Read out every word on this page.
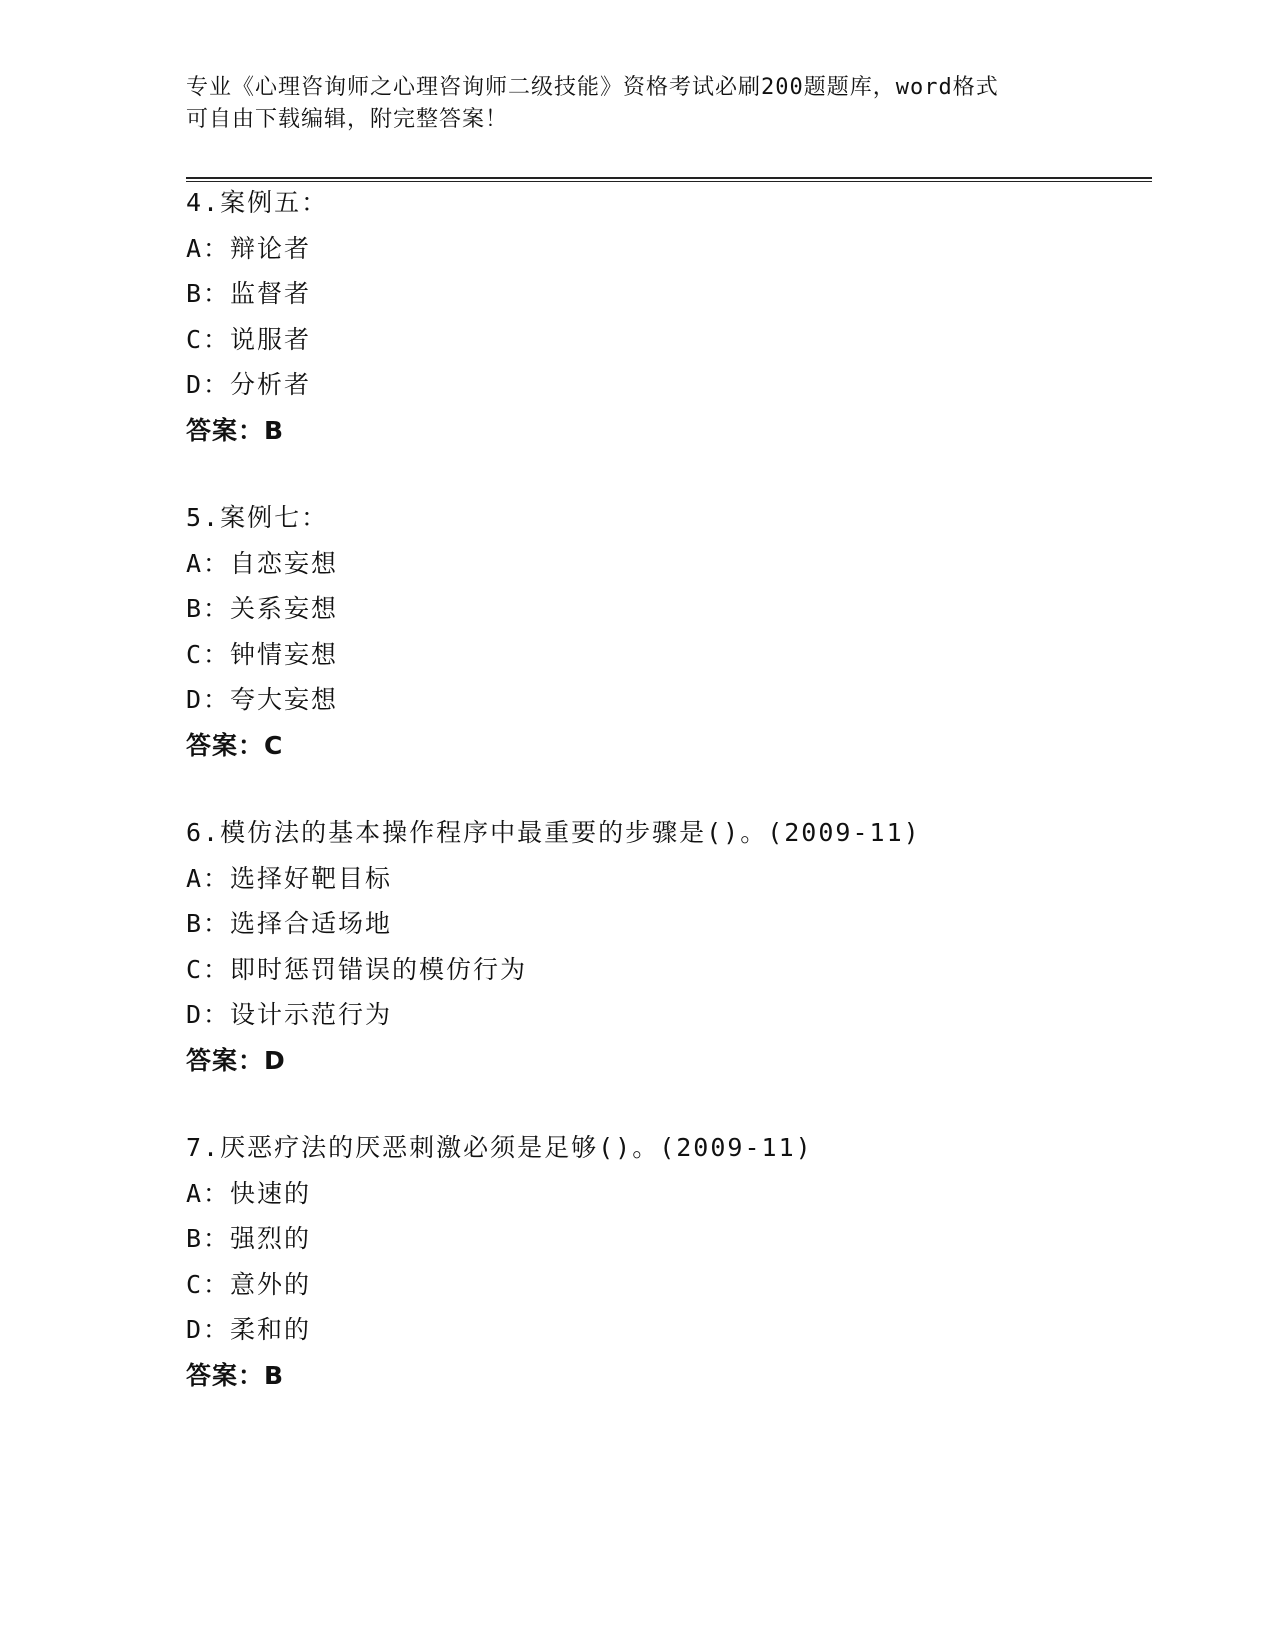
专业《心理咨询师之心理咨询师二级技能》资格考试必刷200题题库，word格式
可自由下载编辑，附完整答案！
4.案例五：
A：辩论者
B：监督者
C：说服者
D：分析者
答案：B
5.案例七：
A：自恋妄想
B：关系妄想
C：钟情妄想
D：夸大妄想
答案：C
6.模仿法的基本操作程序中最重要的步骤是()。(2009-11)
A：选择好靶目标
B：选择合适场地
C：即时惩罚错误的模仿行为
D：设计示范行为
答案：D
7.厌恶疗法的厌恶刺激必须是足够()。(2009-11)
A：快速的
B：强烈的
C：意外的
D：柔和的
答案：B
